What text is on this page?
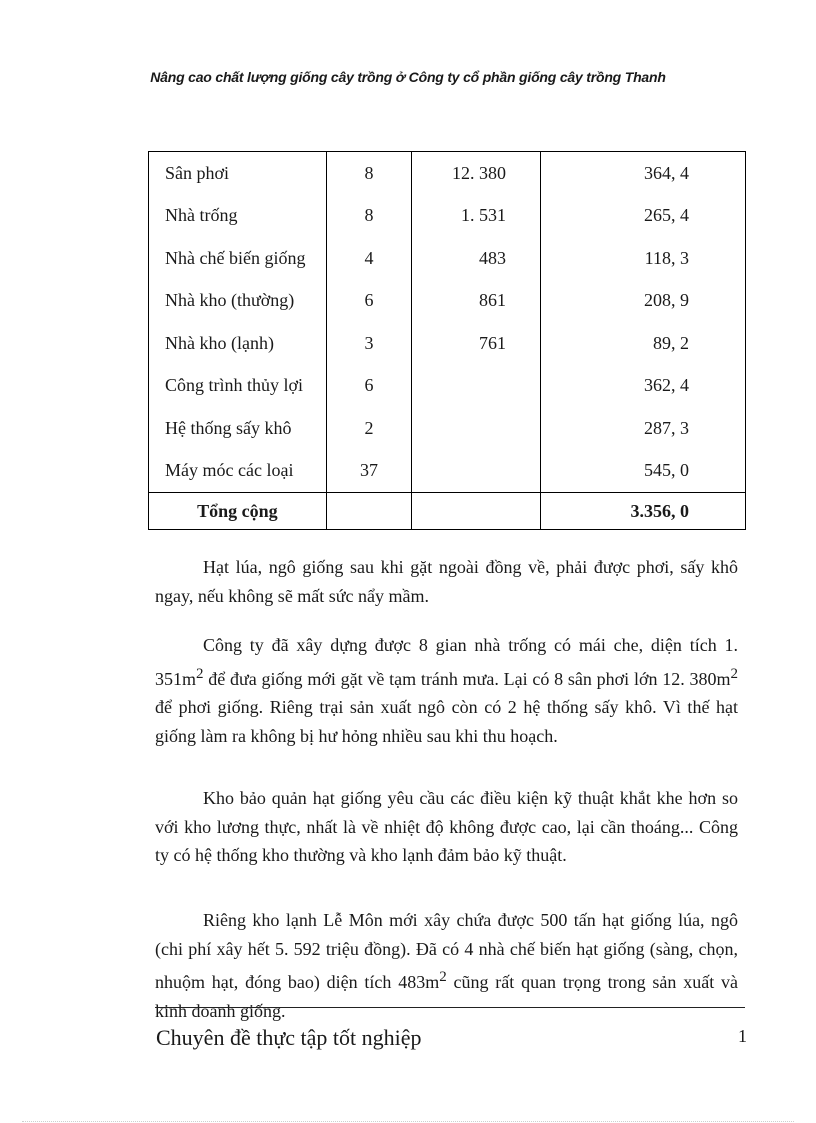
Nâng cao chất lượng giống cây trồng ở Công ty cổ phần giống cây trồng Thanh
Sân phơi	8	12. 380	364, 4
Nhà trống	8	1. 531	265, 4
Nhà chế biến giống	4	483	118, 3
Nhà kho (thường)	6	861	208, 9
Nhà kho (lạnh)	3	761	89, 2
Công trình thủy lợi	6		362, 4
Hệ thống sấy khô	2		287, 3
Máy móc các loại	37		545, 0
Tổng cộng			3.356, 0

Hạt lúa, ngô giống sau khi gặt ngoài đồng về, phải được phơi, sấy khô ngay, nếu không sẽ mất sức nẩy mầm.

Công ty đã xây dựng được 8 gian nhà trống có mái che, diện tích 1. $351m^2$ để đưa giống mới gặt về tạm tránh mưa. Lại có 8 sân phơi lớn 12. $380m^2$ để phơi giống. Riêng trại sản xuất ngô còn có 2 hệ thống sấy khô. Vì thế hạt giống làm ra không bị hư hỏng nhiều sau khi thu hoạch.

Kho bảo quản hạt giống yêu cầu các điều kiện kỹ thuật khắt khe hơn so với kho lương thực, nhất là về nhiệt độ không được cao, lại cần thoáng... Công ty có hệ thống kho thường và kho lạnh đảm bảo kỹ thuật.

Riêng kho lạnh Lễ Môn mới xây chứa được 500 tấn hạt giống lúa, ngô (chi phí xây hết 5. 592 triệu đồng). Đã có 4 nhà chế biến hạt giống (sàng, chọn, nhuộm hạt, đóng bao) diện tích $483m^2$ cũng rất quan trọng trong sản xuất và kinh doanh giống.

Chuyên đề thực tập tốt nghiệp	1
